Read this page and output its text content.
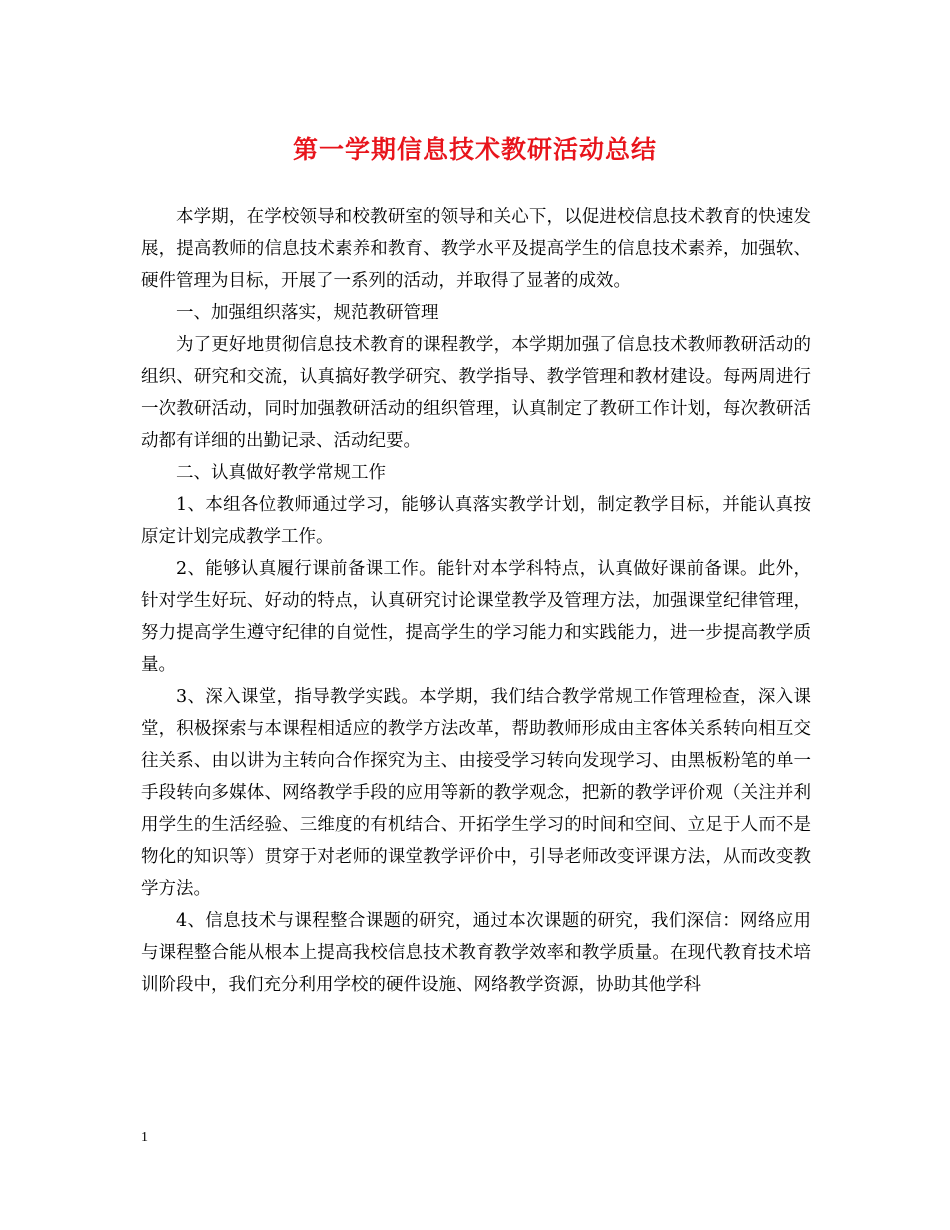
第一学期信息技术教研活动总结

本学期，在学校领导和校教研室的领导和关心下，以促进校信息技术教育的快速发展，提高教师的信息技术素养和教育、教学水平及提高学生的信息技术素养，加强软、硬件管理为目标，开展了一系列的活动，并取得了显著的成效。

一、加强组织落实，规范教研管理

为了更好地贯彻信息技术教育的课程教学，本学期加强了信息技术教师教研活动的组织、研究和交流，认真搞好教学研究、教学指导、教学管理和教材建设。每两周进行一次教研活动，同时加强教研活动的组织管理，认真制定了教研工作计划，每次教研活动都有详细的出勤记录、活动纪要。

二、认真做好教学常规工作

1、本组各位教师通过学习，能够认真落实教学计划，制定教学目标，并能认真按原定计划完成教学工作。

2、能够认真履行课前备课工作。能针对本学科特点，认真做好课前备课。此外，针对学生好玩、好动的特点，认真研究讨论课堂教学及管理方法，加强课堂纪律管理，努力提高学生遵守纪律的自觉性，提高学生的学习能力和实践能力，进一步提高教学质量。

3、深入课堂，指导教学实践。本学期，我们结合教学常规工作管理检查，深入课堂，积极探索与本课程相适应的教学方法改革，帮助教师形成由主客体关系转向相互交往关系、由以讲为主转向合作探究为主、由接受学习转向发现学习、由黑板粉笔的单一手段转向多媒体、网络教学手段的应用等新的教学观念，把新的教学评价观（关注并利用学生的生活经验、三维度的有机结合、开拓学生学习的时间和空间、立足于人而不是物化的知识等）贯穿于对老师的课堂教学评价中，引导老师改变评课方法，从而改变教学方法。

4、信息技术与课程整合课题的研究，通过本次课题的研究，我们深信：网络应用与课程整合能从根本上提高我校信息技术教育教学效率和教学质量。在现代教育技术培训阶段中，我们充分利用学校的硬件设施、网络教学资源，协助其他学科

1
